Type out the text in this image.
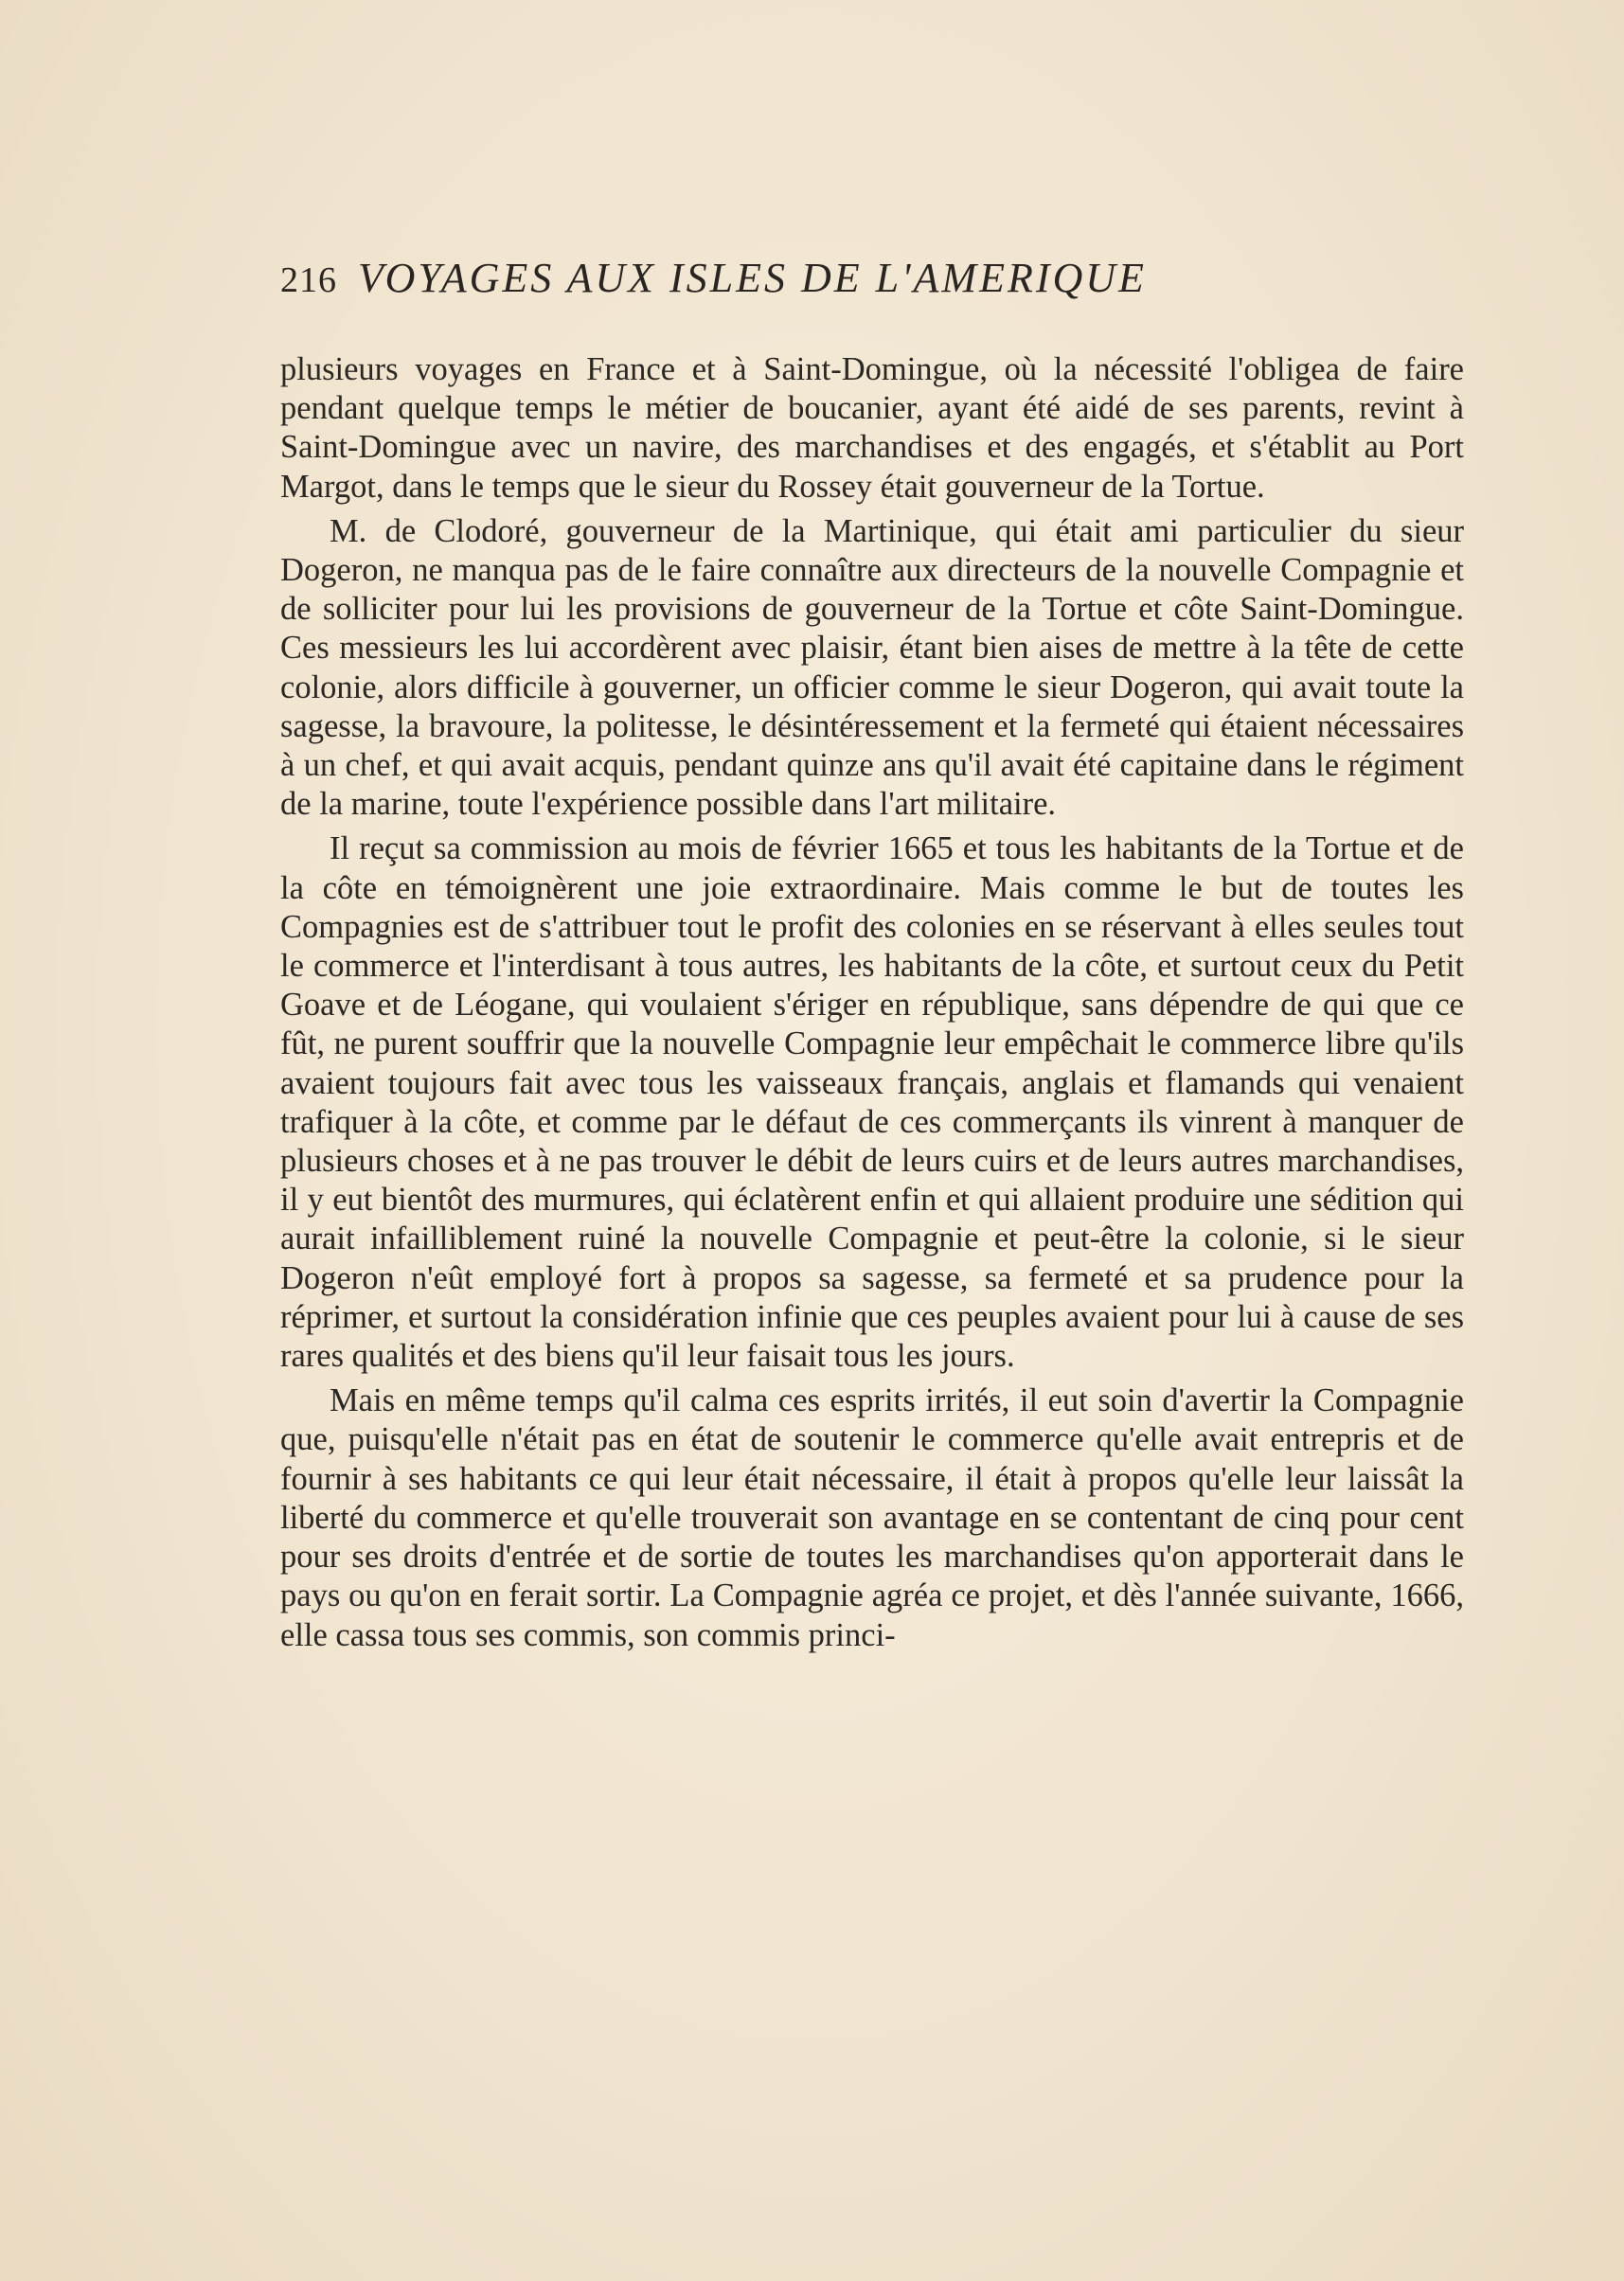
216 VOYAGES AUX ISLES DE L'AMERIQUE

plusieurs voyages en France et à Saint-Domingue, où la nécessité l'obligea de faire pendant quelque temps le métier de boucanier, ayant été aidé de ses parents, revint à Saint-Domingue avec un navire, des marchandises et des engagés, et s'établit au Port Margot, dans le temps que le sieur du Rossey était gouverneur de la Tortue.

M. de Clodoré, gouverneur de la Martinique, qui était ami particulier du sieur Dogeron, ne manqua pas de le faire connaître aux directeurs de la nouvelle Compagnie et de solliciter pour lui les provisions de gouverneur de la Tortue et côte Saint-Domingue. Ces messieurs les lui accordèrent avec plaisir, étant bien aises de mettre à la tête de cette colonie, alors difficile à gouverner, un officier comme le sieur Dogeron, qui avait toute la sagesse, la bravoure, la politesse, le désintéressement et la fermeté qui étaient nécessaires à un chef, et qui avait acquis, pendant quinze ans qu'il avait été capitaine dans le régiment de la marine, toute l'expérience possible dans l'art militaire.

Il reçut sa commission au mois de février 1665 et tous les habitants de la Tortue et de la côte en témoignèrent une joie extraordinaire. Mais comme le but de toutes les Compagnies est de s'attribuer tout le profit des colonies en se réservant à elles seules tout le commerce et l'interdisant à tous autres, les habitants de la côte, et surtout ceux du Petit Goave et de Léogane, qui voulaient s'ériger en république, sans dépendre de qui que ce fût, ne purent souffrir que la nouvelle Compagnie leur empêchait le commerce libre qu'ils avaient toujours fait avec tous les vaisseaux français, anglais et flamands qui venaient trafiquer à la côte, et comme par le défaut de ces commerçants ils vinrent à manquer de plusieurs choses et à ne pas trouver le débit de leurs cuirs et de leurs autres marchandises, il y eut bientôt des murmures, qui éclatèrent enfin et qui allaient produire une sédition qui aurait infailliblement ruiné la nouvelle Compagnie et peut-être la colonie, si le sieur Dogeron n'eût employé fort à propos sa sagesse, sa fermeté et sa prudence pour la réprimer, et surtout la considération infinie que ces peuples avaient pour lui à cause de ses rares qualités et des biens qu'il leur faisait tous les jours.

Mais en même temps qu'il calma ces esprits irrités, il eut soin d'avertir la Compagnie que, puisqu'elle n'était pas en état de soutenir le commerce qu'elle avait entrepris et de fournir à ses habitants ce qui leur était nécessaire, il était à propos qu'elle leur laissât la liberté du commerce et qu'elle trouverait son avantage en se contentant de cinq pour cent pour ses droits d'entrée et de sortie de toutes les marchandises qu'on apporterait dans le pays ou qu'on en ferait sortir. La Compagnie agréa ce projet, et dès l'année suivante, 1666, elle cassa tous ses commis, son commis princi-
